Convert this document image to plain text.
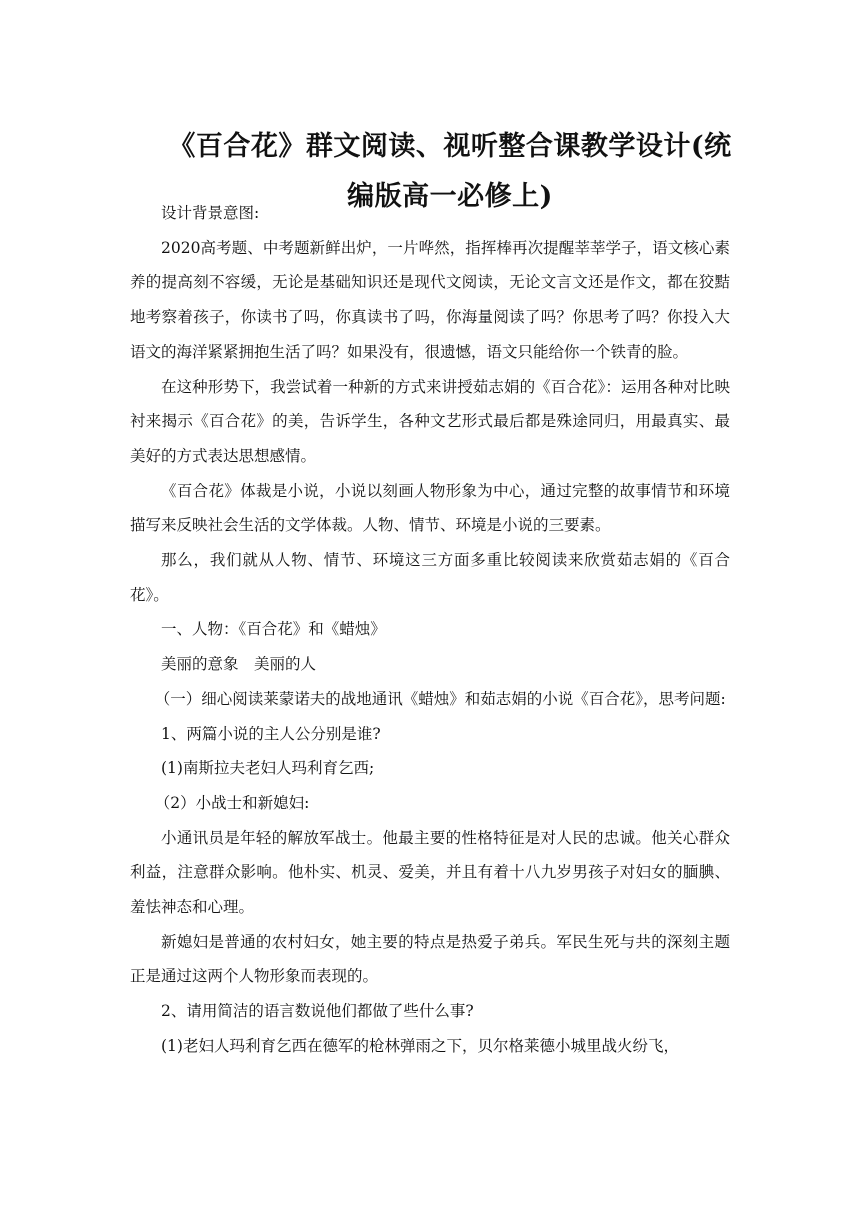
《百合花》群文阅读、视听整合课教学设计(统
编版高一必修上)

设计背景意图:

2020高考题、中考题新鲜出炉，一片哗然，指挥棒再次提醒莘莘学子，语文核心素养的提高刻不容缓，无论是基础知识还是现代文阅读，无论文言文还是作文，都在狡黠地考察着孩子，你读书了吗，你真读书了吗，你海量阅读了吗？你思考了吗？你投入大语文的海洋紧紧拥抱生活了吗？如果没有，很遗憾，语文只能给你一个铁青的脸。

在这种形势下，我尝试着一种新的方式来讲授茹志娟的《百合花》：运用各种对比映衬来揭示《百合花》的美，告诉学生，各种文艺形式最后都是殊途同归，用最真实、最美好的方式表达思想感情。

《百合花》体裁是小说，小说以刻画人物形象为中心，通过完整的故事情节和环境描写来反映社会生活的文学体裁。人物、情节、环境是小说的三要素。

那么，我们就从人物、情节、环境这三方面多重比较阅读来欣赏茹志娟的《百合花》。

一、人物：《百合花》和《蜡烛》

美丽的意象　美丽的人

（一）细心阅读莱蒙诺夫的战地通讯《蜡烛》和茹志娟的小说《百合花》，思考问题:

1、两篇小说的主人公分别是谁?

(1)南斯拉夫老妇人玛利育乞西;

（2）小战士和新媳妇:

小通讯员是年轻的解放军战士。他最主要的性格特征是对人民的忠诚。他关心群众利益，注意群众影响。他朴实、机灵、爱美，并且有着十八九岁男孩子对妇女的腼腆、羞怯神态和心理。

新媳妇是普通的农村妇女，她主要的特点是热爱子弟兵。军民生死与共的深刻主题正是通过这两个人物形象而表现的。

2、请用简洁的语言数说他们都做了些什么事?

(1)老妇人玛利育乞西在德军的枪林弹雨之下，贝尔格莱德小城里战火纷飞，
